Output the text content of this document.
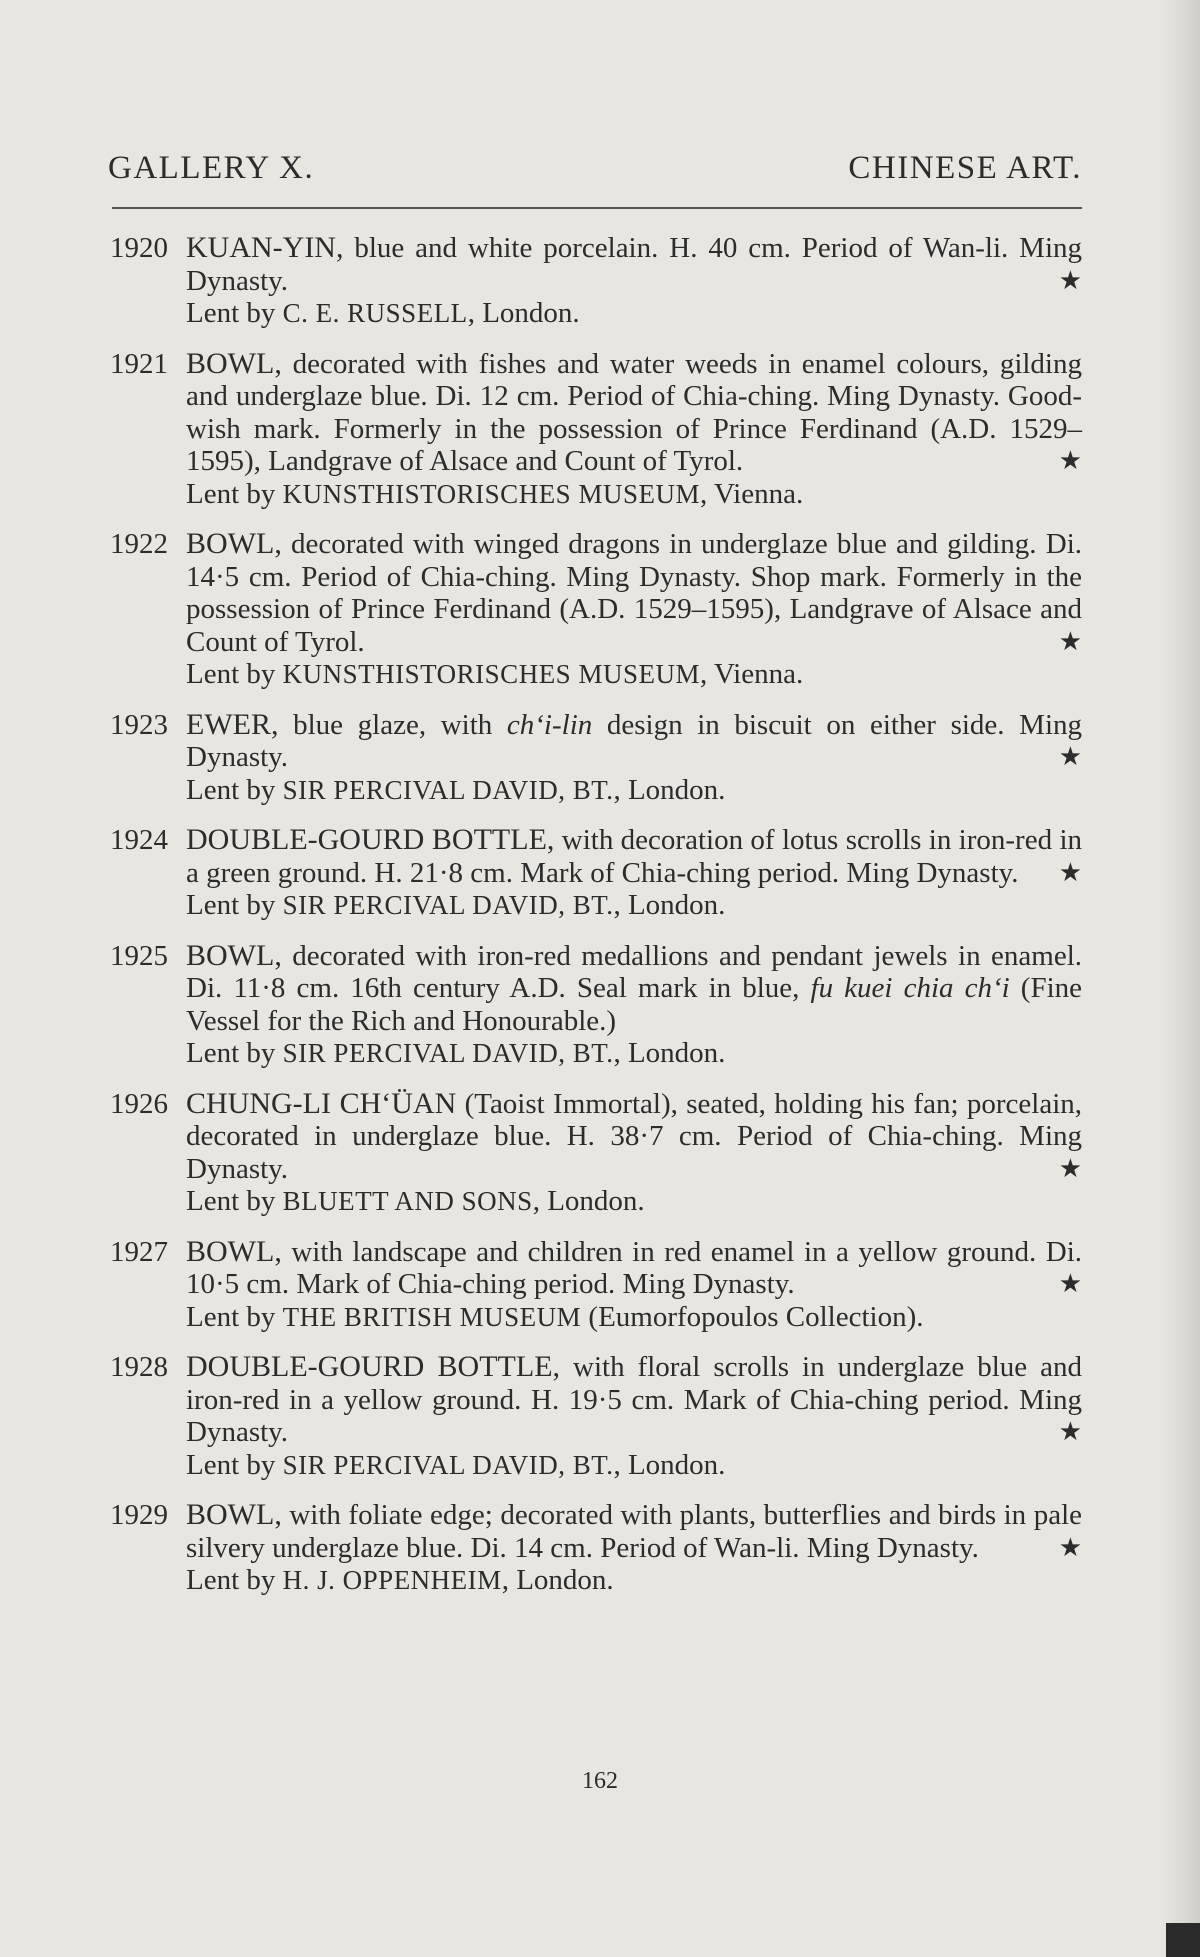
GALLERY X.	CHINESE ART.
1920 KUAN-YIN, blue and white porcelain. H. 40 cm. Period of Wan-li. Ming Dynasty.	★
Lent by C. E. RUSSELL, London.
1921 BOWL, decorated with fishes and water weeds in enamel colours, gilding and underglaze blue. Di. 12 cm. Period of Chia-ching. Ming Dynasty. Good-wish mark. Formerly in the possession of Prince Ferdinand (A.D. 1529–1595), Landgrave of Alsace and Count of Tyrol.	★
Lent by KUNSTHISTORISCHES MUSEUM, Vienna.
1922 BOWL, decorated with winged dragons in underglaze blue and gilding. Di. 14·5 cm. Period of Chia-ching. Ming Dynasty. Shop mark. Formerly in the possession of Prince Ferdinand (A.D. 1529–1595), Landgrave of Alsace and Count of Tyrol.	★
Lent by KUNSTHISTORISCHES MUSEUM, Vienna.
1923 EWER, blue glaze, with ch‘i-lin design in biscuit on either side. Ming Dynasty.	★
Lent by SIR PERCIVAL DAVID, BT., London.
1924 DOUBLE-GOURD BOTTLE, with decoration of lotus scrolls in iron-red in a green ground. H. 21·8 cm. Mark of Chia-ching period. Ming Dynasty. ★
Lent by SIR PERCIVAL DAVID, BT., London.
1925 BOWL, decorated with iron-red medallions and pendant jewels in enamel. Di. 11·8 cm. 16th century A.D. Seal mark in blue, fu kuei chia ch‘i (Fine Vessel for the Rich and Honourable.)
Lent by SIR PERCIVAL DAVID, BT., London.
1926 CHUNG-LI CH‘ÜAN (Taoist Immortal), seated, holding his fan; porcelain, decorated in underglaze blue. H. 38·7 cm. Period of Chia-ching. Ming Dynasty.	★
Lent by BLUETT AND SONS, London.
1927 BOWL, with landscape and children in red enamel in a yellow ground. Di. 10·5 cm. Mark of Chia-ching period. Ming Dynasty.	★
Lent by THE BRITISH MUSEUM (Eumorfopoulos Collection).
1928 DOUBLE-GOURD BOTTLE, with floral scrolls in underglaze blue and iron-red in a yellow ground. H. 19·5 cm. Mark of Chia-ching period. Ming Dynasty.	★
Lent by SIR PERCIVAL DAVID, BT., London.
1929 BOWL, with foliate edge; decorated with plants, butterflies and birds in pale silvery underglaze blue. Di. 14 cm. Period of Wan-li. Ming Dynasty.	★
Lent by H. J. OPPENHEIM, London.
162
